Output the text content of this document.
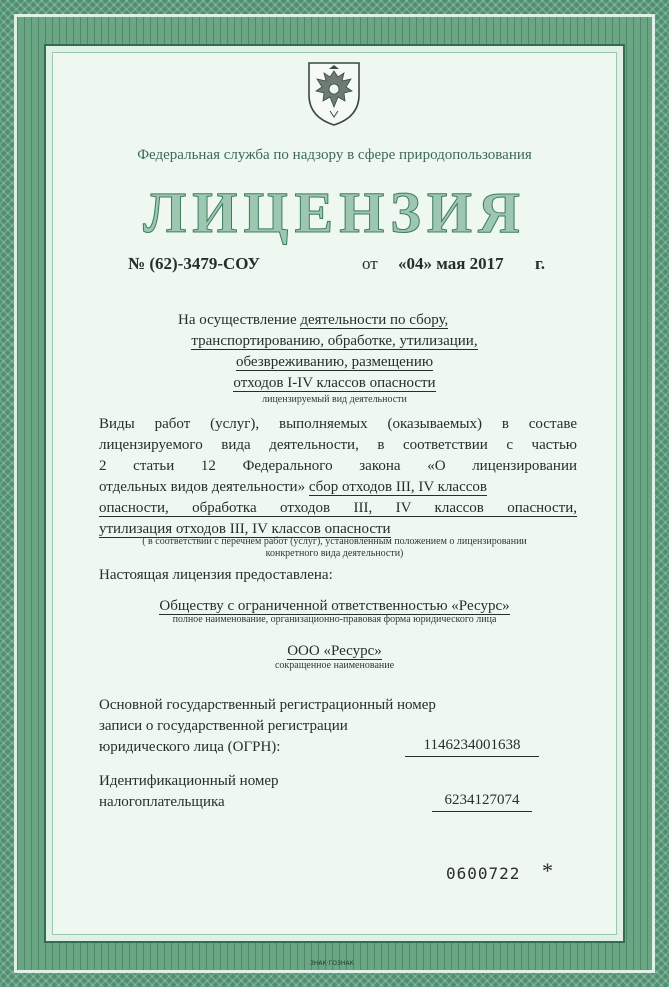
Федеральная служба по надзору в сфере природопользования
ЛИЦЕНЗИЯ
№ (62)-3479-СОУ	от «04» мая 2017 г.
На осуществление деятельности по сбору,
транспортированию, обработке, утилизации,
обезвреживанию, размещению
отходов I-IV классов опасности
лицензируемый вид деятельности
Виды работ (услуг), выполняемых (оказываемых) в составе
лицензируемого вида деятельности, в соответствии с частью
2 статьи 12 Федерального закона «О лицензировании
отдельных видов деятельности» сбор отходов III, IV классов
опасности, обработка отходов III, IV классов опасности,
утилизация отходов III, IV классов опасности
( в соответствии с перечнем работ (услуг), установленным положением о лицензировании
конкретного вида деятельности)
Настоящая лицензия предоставлена:
Обществу с ограниченной ответственностью «Ресурс»
полное наименование, организационно-правовая форма юридического лица
ООО «Ресурс»
сокращенное наименование
Основной государственный регистрационный номер
записи о государственной регистрации
юридического лица (ОГРН):	1146234001638
Идентификационный номер
налогоплательщика	6234127074
0600722 *
ЗНАК·ГОЗНАК
